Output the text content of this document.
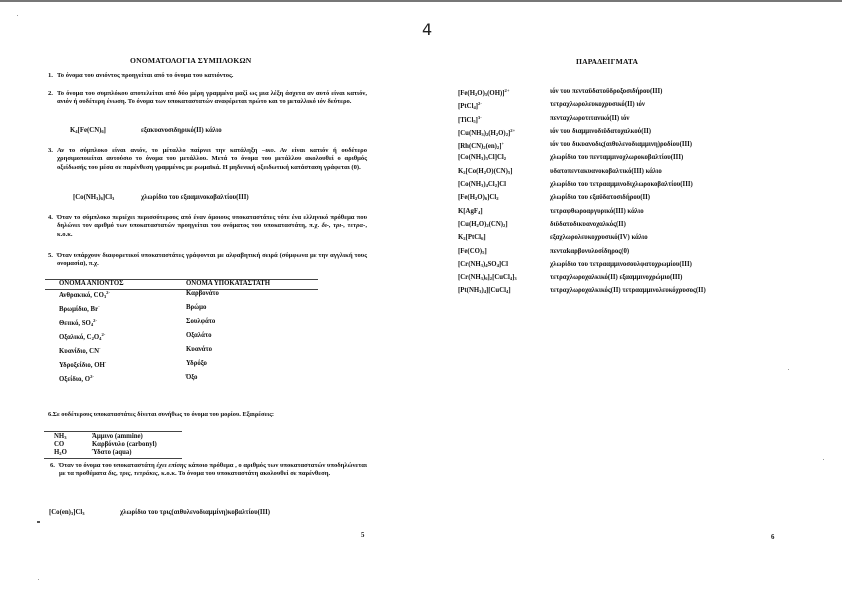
ΟΝΟΜΑΤΟΛΟΓΙΑ ΣΥΜΠΛΟΚΩΝ
1. Το όνομα του ανιόντος προηγείται από το όνομα του κατιόντος.
2. Το όνομα του συμπλόκου αποτελείται από δύο μέρη γραμμένα μαζί ως μια λέξη άσχετα αν αυτό είναι κατιόν, ανιόν ή ουδέτερη ένωση. Το όνομα των υποκαταστατών αναφέρεται πρώτο και το μεταλλικό ιόν δεύτερο.
$K_4[Fe(CN)_6]$	εξακυανοσιδηρικό(ΙΙ) κάλιο
3. Αν το σύμπλοκο είναι ανιόν, το μέταλλο παίρνει την κατάληξη –ικο. Αν είναι κατιόν ή ουδέτερο χρησιμοποιείται αυτούσιο το όνομα του μετάλλου. Μετά το όνομα του μετάλλου ακολουθεί ο αριθμός οξείδωσής του μέσα σε παρένθεση γραμμένος με ρωμαϊκά. Η μηδενική οξειδωτική κατάσταση γράφεται (0).
$[Co(NH_3)_6]Cl_3$	χλωρίδιο του εξααμινοκοβαλτίου(ΙΙΙ)
4. Όταν το σύμπλοκο περιέχει περισσότερους από έναν όμοιους υποκαταστάτες τότε ένα ελληνικό πρόθεμα που δηλώνει τον αριθμό των υποκαταστατών προηγείται του ονόματος του υποκαταστάτη, π.χ. δι-, τρι-, τετρα-, κ.ο.κ.
5. Όταν υπάρχουν διαφορετικοί υποκαταστάτες γράφονται με αλφαβητική σειρά (σύμφωνα με την αγγλική τους ονομασία), π.χ.
ΟΝΟΜΑ ΑΝΙΟΝΤΟΣ	ΟΝΟΜΑ ΥΠΟΚΑΤΑΣΤΑΤΗ
Ανθρακικό, $CO_3^{2-}$	Καρβονάτο
Βρωμίδιο, Br-	Βρώμο
Θειικό, $SO_4^{2-}$	Σουλφάτο
Οξαλικό, $C_2O_4^{2-}$	Οξαλάτο
Κυανίδιο, CN-	Κυανάτο
Υδροξείδιο, OH-	Υδρόξο
Οξείδιο, $O^{2-}$	Όξο
6.Σε ουδέτερους υποκαταστάτες δίνεται συνήθως το όνομα του μορίου. Εξαιρέσεις:
$NH_3$	Άμμινο (ammine)
CO	Καρβόνυλο (carbonyl)
$H_2O$	Ύδατο (aqua)
6. Όταν το όνομα του υποκαταστάτη έχει επίσης κάποιο πρόθεμα , ο αριθμός των υποκαταστατών υποδηλώνεται με τα προθέματα δις, τρις, τετράκις, κ.ο.κ. Το όνομα του υποκαταστάτη ακολουθεί σε παρένθεση.
$[Co(en)_3]Cl_3$	χλωρίδιο του τρις(αιθυλενοδιαμμίνη)κοβαλτίου(ΙΙΙ)
5
4
ΠΑΡΑΔΕΙΓΜΑΤΑ
6
$[Fe(H_2O)_5(OH)]^{2+}$	ιόν του πενταϋδατοϋδροξοσιδήρου(ΙΙΙ)
[PtCl$_4$]$^{2-}$	τετραχλωρολευκοχρυσικό(ΙΙ) ιόν
[TiCl$_5$]$^{3-}$	πενταχλωροτιτανικό(ΙΙ) ιόν
$[Cu(NH_3)_2(H_2O)_2]^{2+}$	ιόν του διαμμινοδιϋδατοχαλκού(ΙΙ)
$[Rh(CN)_2(en)_2]^+$	ιόν του δικυανοδις(αιθυλενοδιαμμινη)ροδίου(ΙΙΙ)
$[Co(NH_3)_5Cl]Cl_2$	χλωρίδιο του πενταμμινοχλωροκοβαλτίου(ΙΙΙ)
$K_2[Co(H_2O)(CN)_5]$	υδατοπεντακυανοκοβαλτικό(ΙΙΙ) κάλιο
$[Co(NH_3)_4Cl_2]Cl$	χλωρίδιο του τετρααμμινοδιχλωροκοβαλτίου(ΙΙΙ)
$[Fe(H_2O)_6]Cl_2$	χλωρίδιο του εξαϋδατοσιδήρου(ΙΙ)
K[AgF$_4$]	τετραφθωροαργυρικό(ΙΙΙ) κάλιο
$[Cu(H_2O)_2(CN)_2]$	διϋδατοδικυανοχαλκός(ΙΙ)
$K_2[PtCl_6]$	εξαχλωρολευκοχρυσικό(IV) κάλιο
$[Fe(CO)_5]$	πενταkαρβονυλοσίδηρος(0)
$[Cr(NH_3)_4SO_4]Cl$	χλωρίδιο του τετρααμμινοσουλφατοχρωμίου(ΙΙΙ)
$[Cr(NH_3)_6]_2[CuCl_4]_3$	τετραχλωροχαλκικό(ΙΙ) εξααμμινοχρώμιο(ΙΙΙ)
$[Pt(NH_3)_4][CuCl_4]$	τετραχλωροχαλκικός(ΙΙ) τετρααμμινολευκόχρυσος(ΙΙ)
